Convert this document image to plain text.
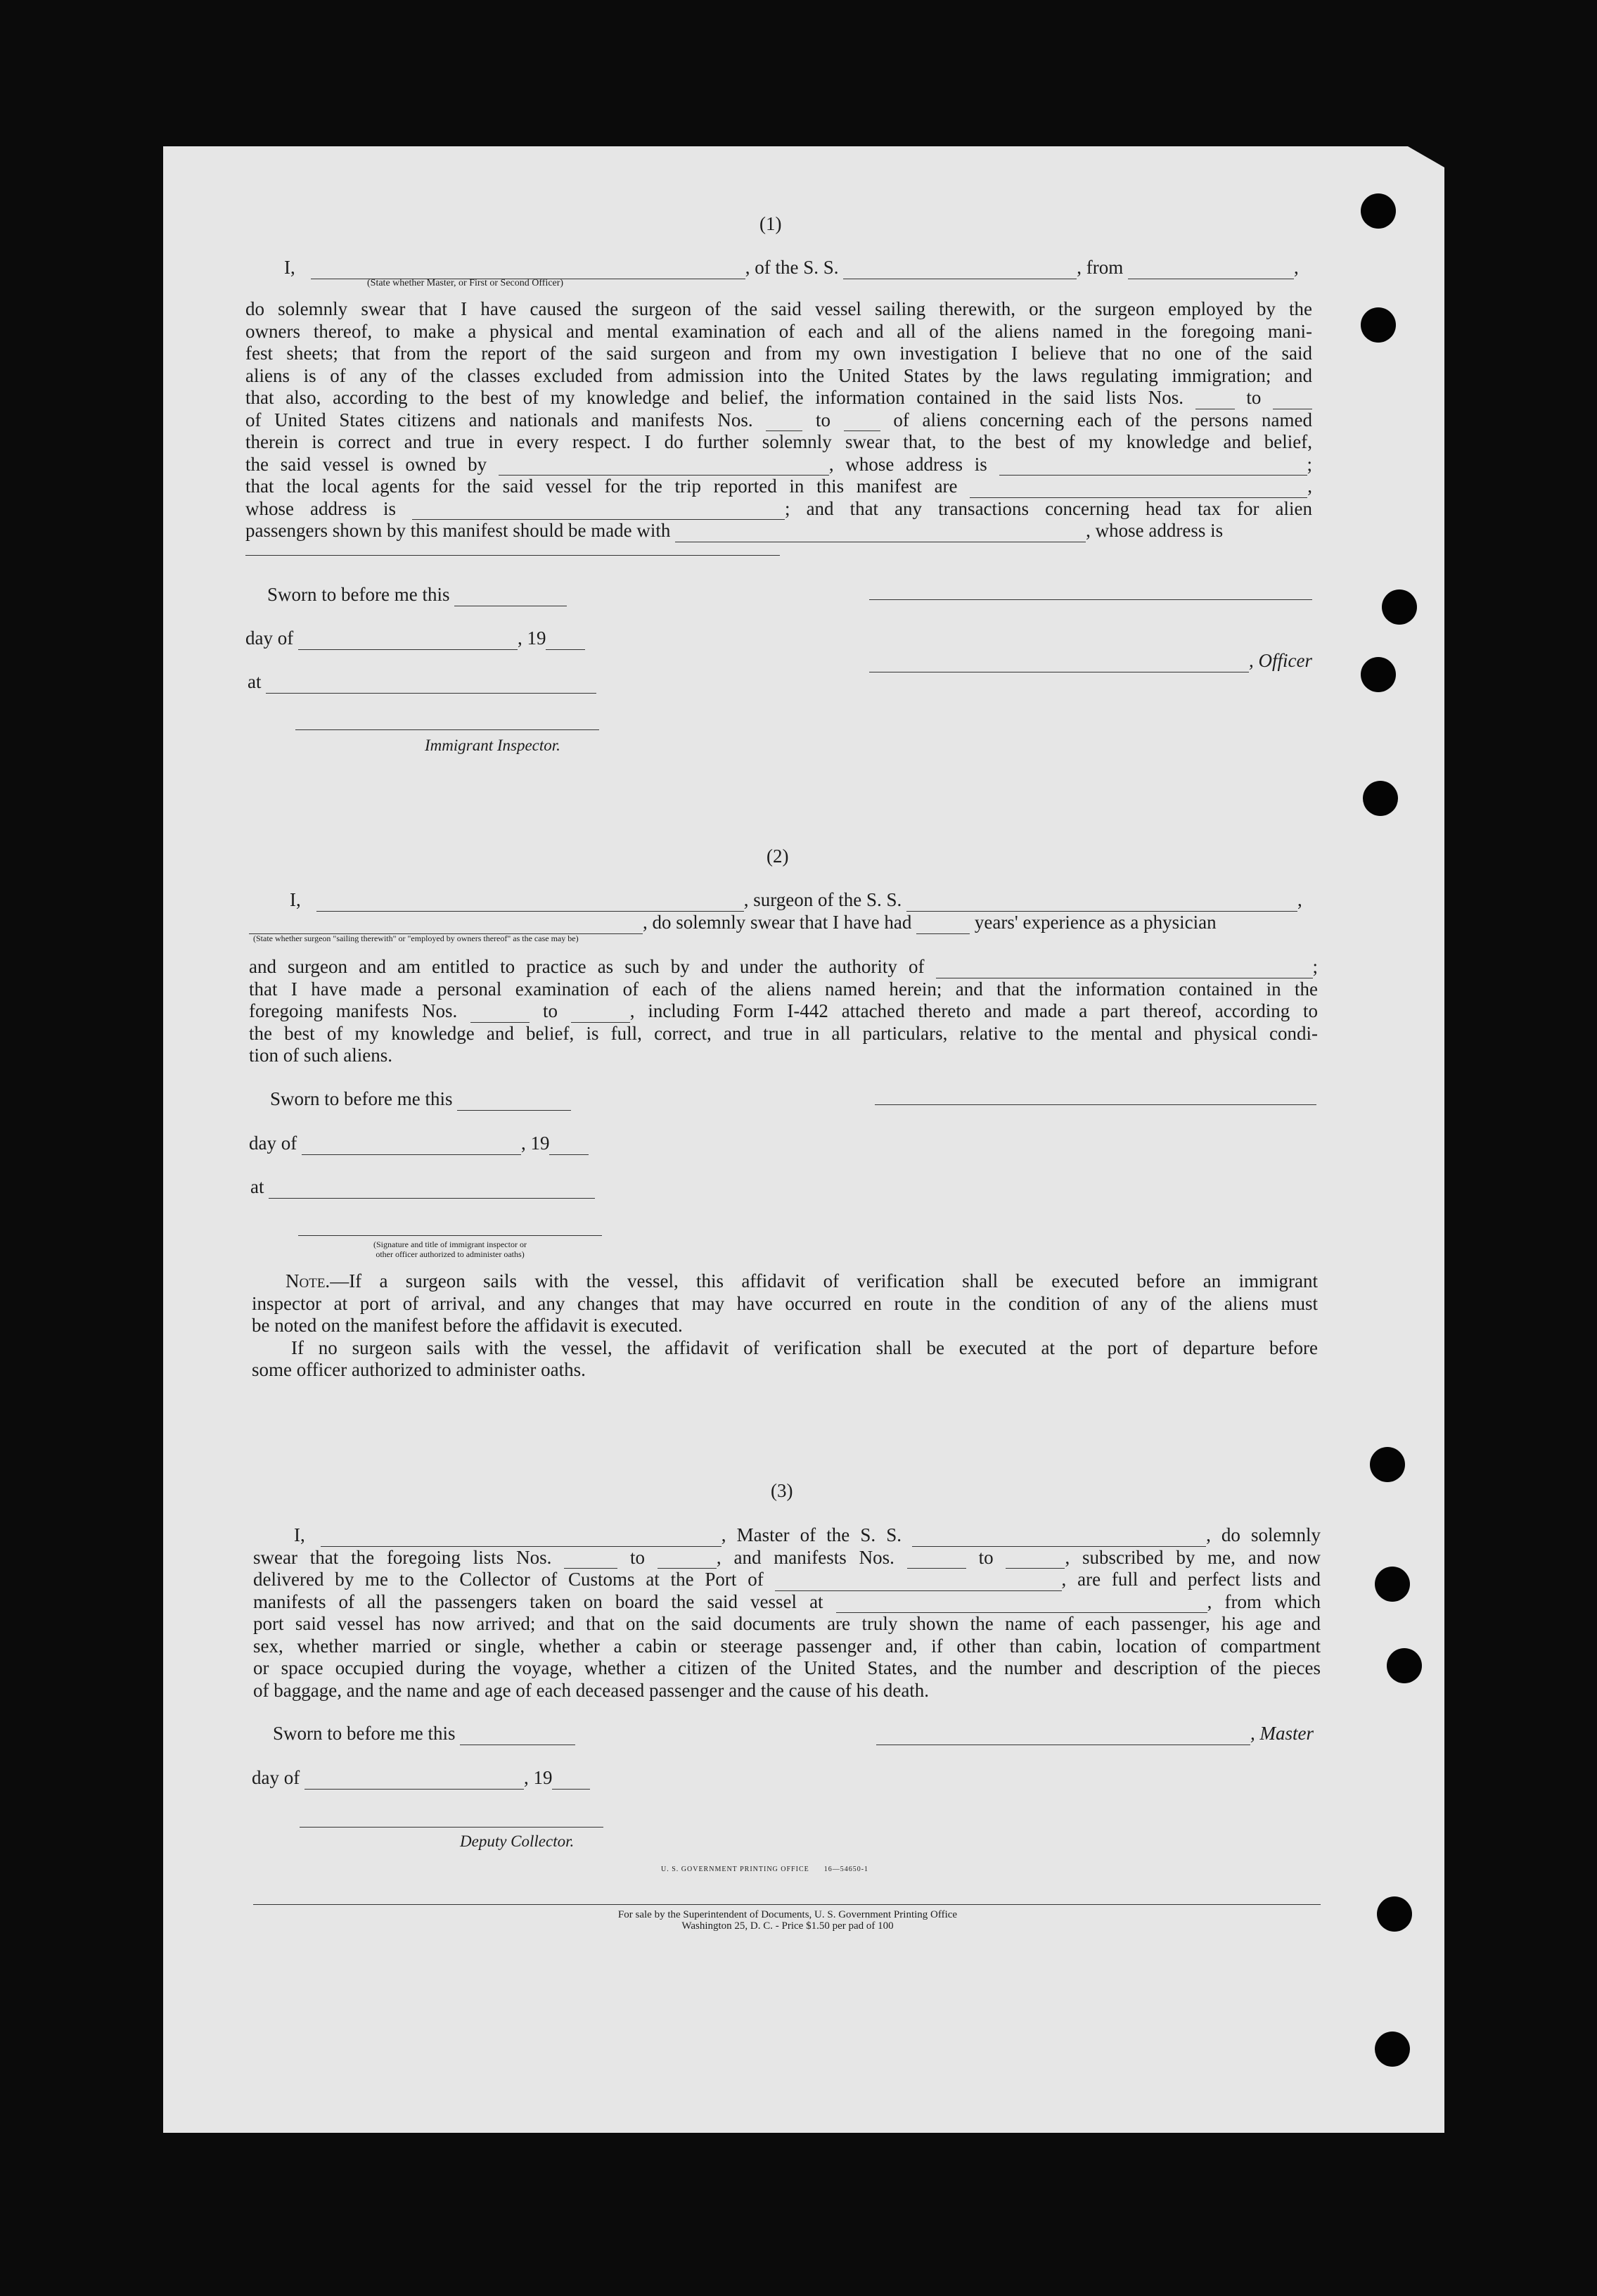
(1)
I,	, of the S. S.	, from	,
(State whether Master, or First or Second Officer)
do solemnly swear that I have caused the surgeon of the said vessel sailing therewith, or the surgeon employed by the
owners thereof, to make a physical and mental examination of each and all of the aliens named in the foregoing mani-
fest sheets; that from the report of the said surgeon and from my own investigation I believe that no one of the said
aliens is of any of the classes excluded from admission into the United States by the laws regulating immigration; and
that also, according to the best of my knowledge and belief, the information contained in the said lists Nos.	to
of United States citizens and nationals and manifests Nos.	to	of aliens concerning each of the persons named
therein is correct and true in every respect. I do further solemnly swear that, to the best of my knowledge and belief,
the said vessel is owned by	, whose address is	;
that the local agents for the said vessel for the trip reported in this manifest are	,
whose address is	; and that any transactions concerning head tax for alien
passengers shown by this manifest should be made with	, whose address is
Sworn to before me this
day of	, 19
, Officer
at
Immigrant Inspector.
(2)
I,	, surgeon of the S. S.	,
, do solemnly swear that I have had	years' experience as a physician
(State whether surgeon "sailing therewith" or "employed by owners thereof" as the case may be)
and surgeon and am entitled to practice as such by and under the authority of	;
that I have made a personal examination of each of the aliens named herein; and that the information contained in the
foregoing manifests Nos.	to	, including Form I-442 attached thereto and made a part thereof, according to
the best of my knowledge and belief, is full, correct, and true in all particulars, relative to the mental and physical condi-
tion of such aliens.
Sworn to before me this
day of	, 19
at
(Signature and title of immigrant inspector or
other officer authorized to administer oaths)
Note.—If a surgeon sails with the vessel, this affidavit of verification shall be executed before an immigrant
inspector at port of arrival, and any changes that may have occurred en route in the condition of any of the aliens must
be noted on the manifest before the affidavit is executed.
If no surgeon sails with the vessel, the affidavit of verification shall be executed at the port of departure before
some officer authorized to administer oaths.
(3)
I,	, Master of the S. S.	, do solemnly
swear that the foregoing lists Nos.	to	, and manifests Nos.	to	, subscribed by me, and now
delivered by me to the Collector of Customs at the Port of	, are full and perfect lists and
manifests of all the passengers taken on board the said vessel at	, from which
port said vessel has now arrived; and that on the said documents are truly shown the name of each passenger, his age and
sex, whether married or single, whether a cabin or steerage passenger and, if other than cabin, location of compartment
or space occupied during the voyage, whether a citizen of the United States, and the number and description of the pieces
of baggage, and the name and age of each deceased passenger and the cause of his death.
Sworn to before me this	, Master
day of	, 19
Deputy Collector.
U. S. GOVERNMENT PRINTING OFFICE 16—54650-1
For sale by the Superintendent of Documents, U. S. Government Printing Office
Washington 25, D. C. - Price $1.50 per pad of 100
